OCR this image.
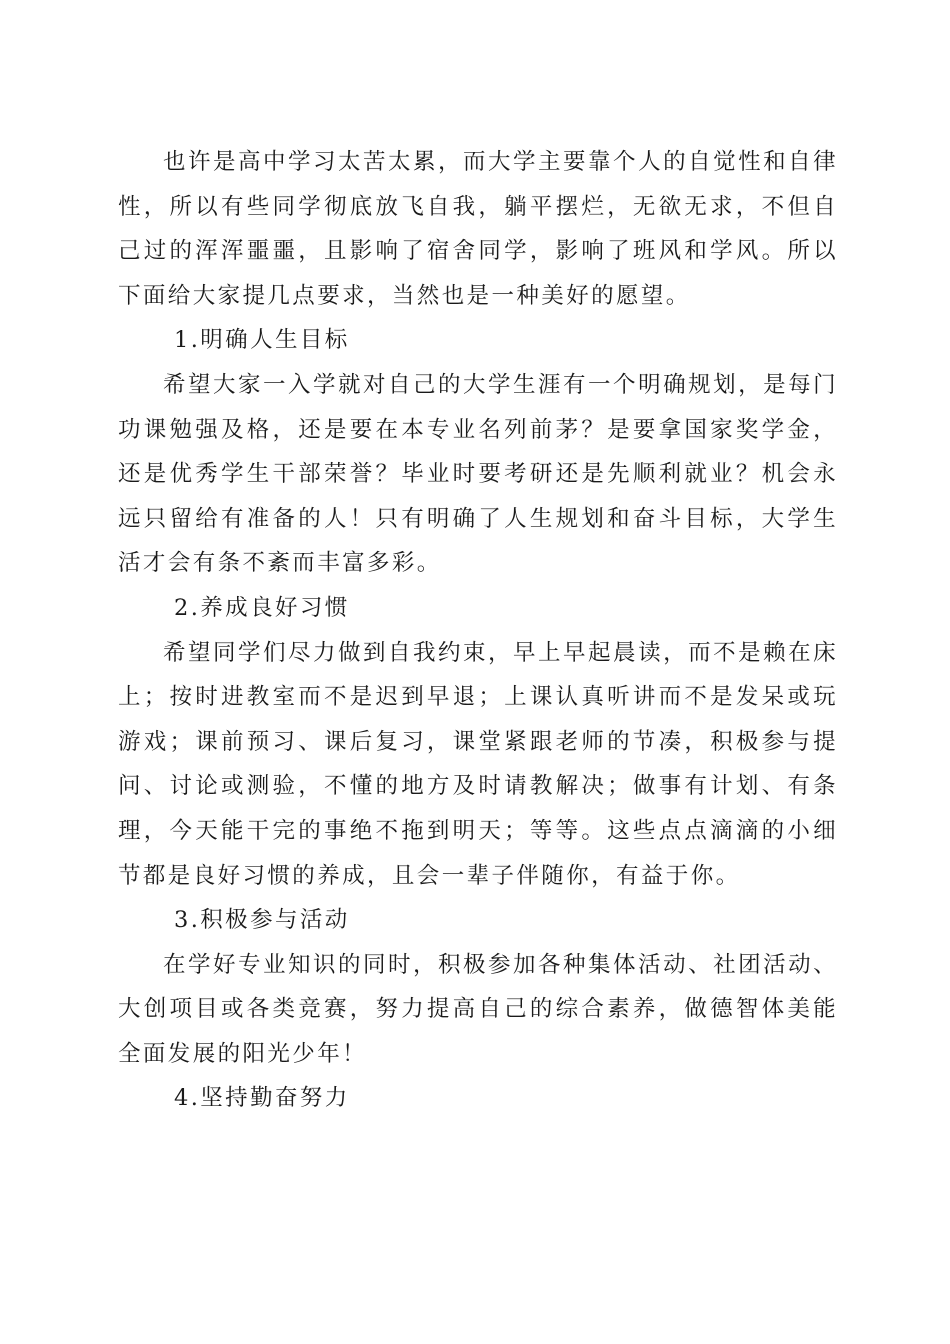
也许是高中学习太苦太累，而大学主要靠个人的自觉性和自律性，所以有些同学彻底放飞自我，躺平摆烂，无欲无求，不但自己过的浑浑噩噩，且影响了宿舍同学，影响了班风和学风。所以下面给大家提几点要求，当然也是一种美好的愿望。

1.明确人生目标

希望大家一入学就对自己的大学生涯有一个明确规划，是每门功课勉强及格，还是要在本专业名列前茅？是要拿国家奖学金，还是优秀学生干部荣誉？毕业时要考研还是先顺利就业？机会永远只留给有准备的人！只有明确了人生规划和奋斗目标，大学生活才会有条不紊而丰富多彩。

2.养成良好习惯

希望同学们尽力做到自我约束，早上早起晨读，而不是赖在床上；按时进教室而不是迟到早退；上课认真听讲而不是发呆或玩游戏；课前预习、课后复习，课堂紧跟老师的节凑，积极参与提问、讨论或测验，不懂的地方及时请教解决；做事有计划、有条理，今天能干完的事绝不拖到明天；等等。这些点点滴滴的小细节都是良好习惯的养成，且会一辈子伴随你，有益于你。

3.积极参与活动

在学好专业知识的同时，积极参加各种集体活动、社团活动、大创项目或各类竞赛，努力提高自己的综合素养，做德智体美能全面发展的阳光少年！

4.坚持勤奋努力
